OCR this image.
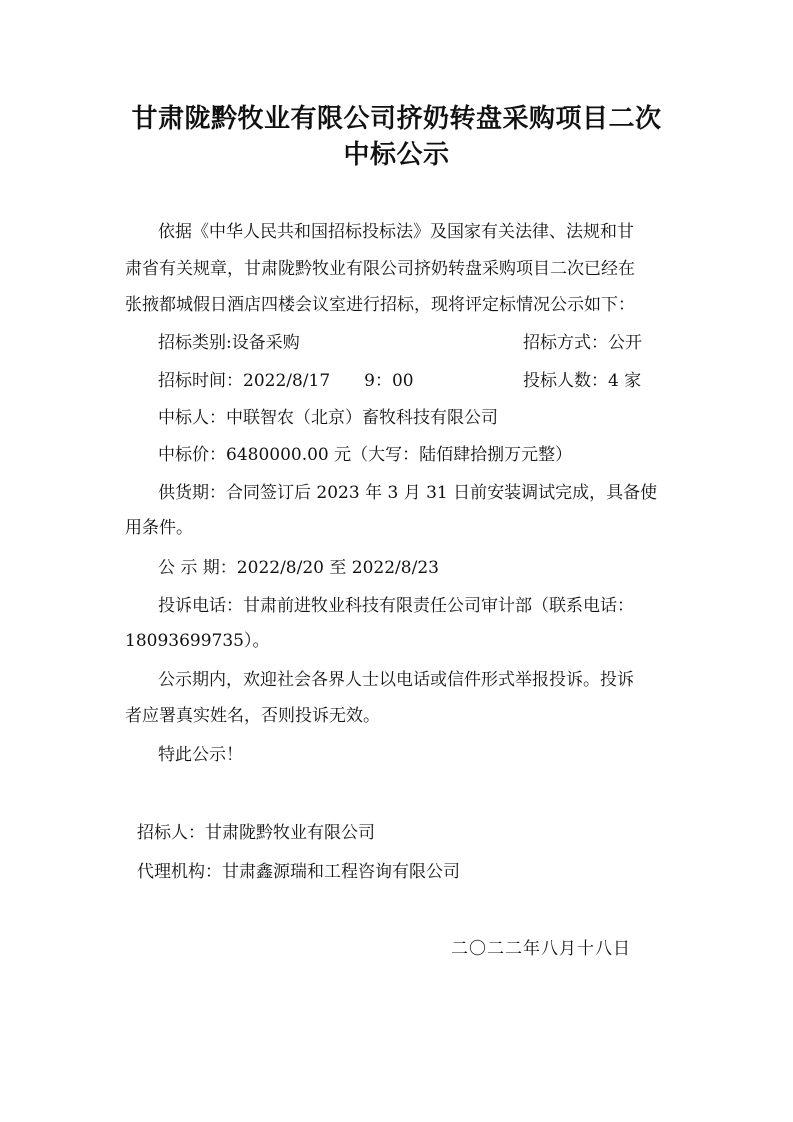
甘肃陇黔牧业有限公司挤奶转盘采购项目二次
中标公示
依据《中华人民共和国招标投标法》及国家有关法律、法规和甘
肃省有关规章，甘肃陇黔牧业有限公司挤奶转盘采购项目二次已经在
张掖都城假日酒店四楼会议室进行招标，现将评定标情况公示如下：
招标类别:设备采购	招标方式：公开
招标时间：2022/8/17　　9：00	投标人数：4 家
中标人：中联智农（北京）畜牧科技有限公司
中标价：6480000.00 元（大写：陆佰肆拾捌万元整）
供货期：合同签订后 2023 年 3 月 31 日前安装调试完成，具备使
用条件。
公 示 期：2022/8/20 至 2022/8/23
投诉电话：甘肃前进牧业科技有限责任公司审计部（联系电话：
18093699735）。
公示期内，欢迎社会各界人士以电话或信件形式举报投诉。投诉
者应署真实姓名，否则投诉无效。
特此公示！
招标人：甘肃陇黔牧业有限公司
代理机构：甘肃鑫源瑞和工程咨询有限公司
二〇二二年八月十八日
